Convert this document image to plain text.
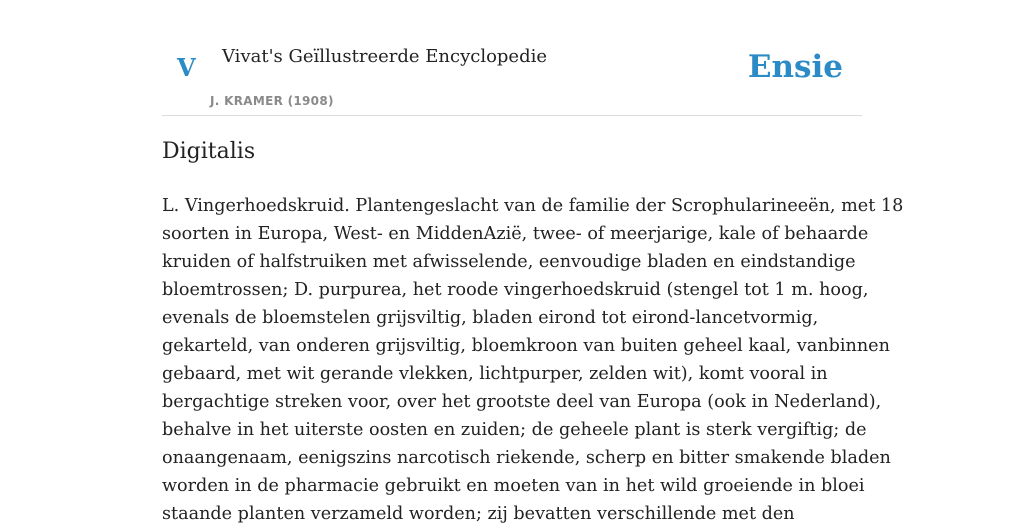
V Vivat's Geïllustreerde Encyclopedie
J. KRAMER (1908)
Ensie
Digitalis
L. Vingerhoedskruid. Plantengeslacht van de familie der Scrophularineeën, met 18
soorten in Europa, West- en MiddenAzië, twee- of meerjarige, kale of behaarde
kruiden of halfstruiken met afwisselende, eenvoudige bladen en eindstandige
bloemtrossen; D. purpurea, het roode vingerhoedskruid (stengel tot 1 m. hoog,
evenals de bloemstelen grijsviltig, bladen eirond tot eirond-lancetvormig,
gekarteld, van onderen grijsviltig, bloemkroon van buiten geheel kaal, vanbinnen
gebaard, met wit gerande vlekken, lichtpurper, zelden wit), komt vooral in
bergachtige streken voor, over het grootste deel van Europa (ook in Nederland),
behalve in het uiterste oosten en zuiden; de geheele plant is sterk vergiftig; de
onaangenaam, eenigszins narcotisch riekende, scherp en bitter smakende bladen
worden in de pharmacie gebruikt en moeten van in het wild groeiende in bloei
staande planten verzameld worden; zij bevatten verschillende met den
